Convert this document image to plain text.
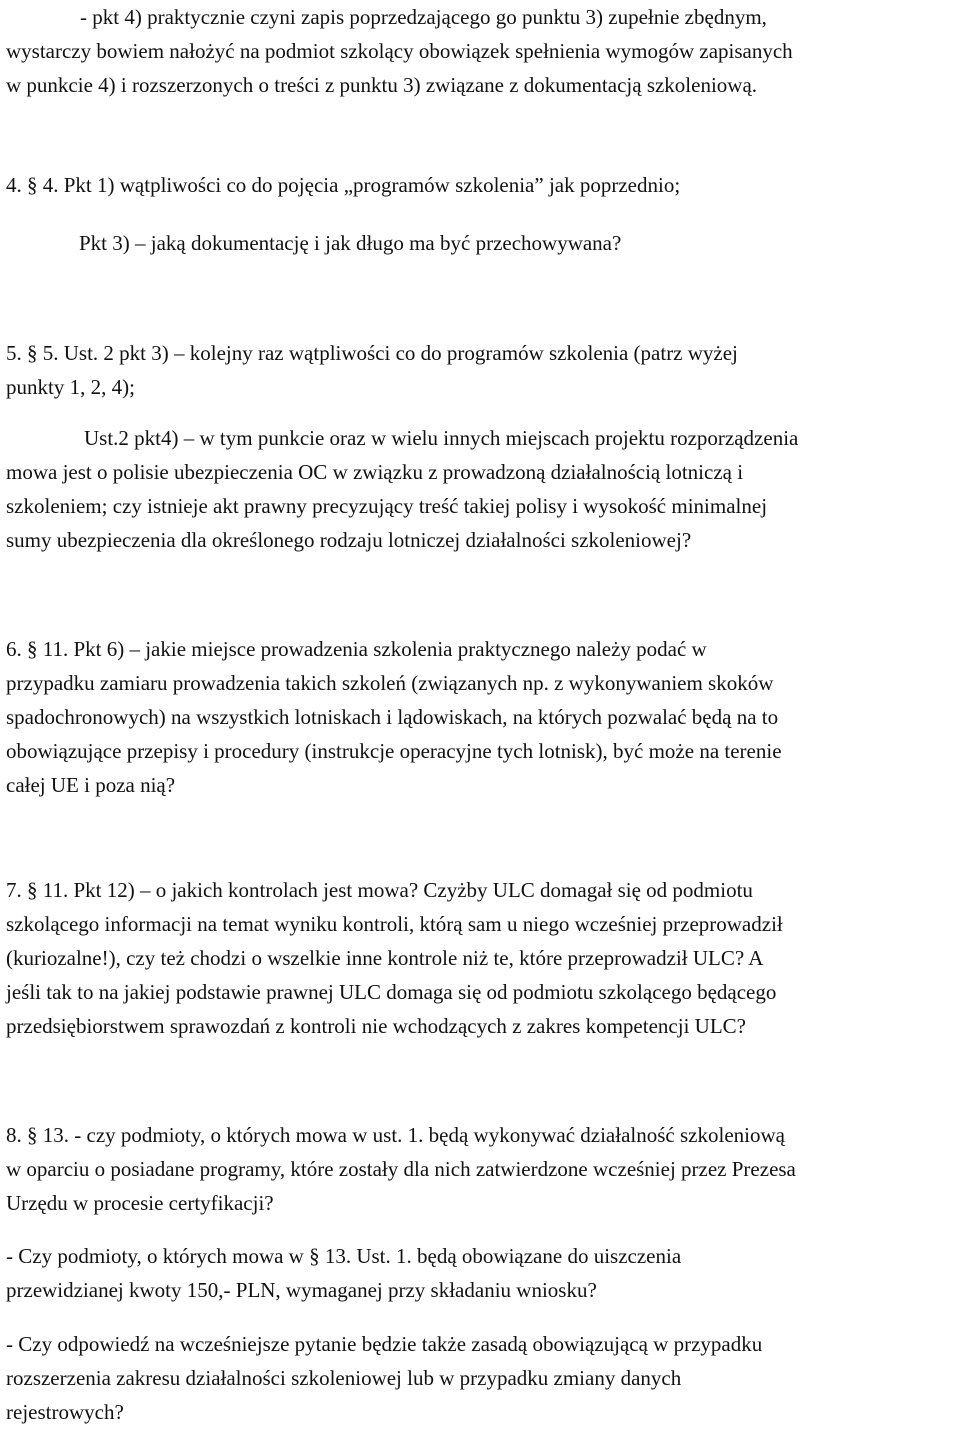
- pkt 4) praktycznie czyni zapis poprzedzającego go punktu 3) zupełnie zbędnym,
wystarczy bowiem nałożyć na podmiot szkolący obowiązek spełnienia wymogów zapisanych
w punkcie 4) i rozszerzonych o treści z punktu 3) związane z dokumentacją szkoleniową.
4. § 4. Pkt 1) wątpliwości co do pojęcia „programów szkolenia” jak poprzednio;
Pkt 3) – jaką dokumentację i jak długo ma być przechowywana?
5. § 5. Ust. 2 pkt 3) – kolejny raz wątpliwości co do programów szkolenia (patrz wyżej
punkty 1, 2, 4);
Ust.2 pkt4) – w tym punkcie oraz w wielu innych miejscach projektu rozporządzenia
mowa jest o polisie ubezpieczenia OC w związku z prowadzoną działalnością lotniczą i
szkoleniem; czy istnieje akt prawny precyzujący treść takiej polisy i wysokość minimalnej
sumy ubezpieczenia dla określonego rodzaju lotniczej działalności szkoleniowej?
6. § 11. Pkt 6) – jakie miejsce prowadzenia szkolenia praktycznego należy podać w
przypadku zamiaru prowadzenia takich szkoleń (związanych np. z wykonywaniem skoków
spadochronowych) na wszystkich lotniskach i lądowiskach, na których pozwalać będą na to
obowiązujące przepisy i procedury (instrukcje operacyjne tych lotnisk), być może na terenie
całej UE i poza nią?
7. § 11. Pkt 12) – o jakich kontrolach jest mowa? Czyżby ULC domagał się od podmiotu
szkolącego informacji na temat wyniku kontroli, którą sam u niego wcześniej przeprowadził
(kuriozalne!), czy też chodzi o wszelkie inne kontrole niż te, które przeprowadził ULC? A
jeśli tak to na jakiej podstawie prawnej ULC domaga się od podmiotu szkolącego będącego
przedsiębiorstwem sprawozdań z kontroli nie wchodzących z zakres kompetencji ULC?
8. § 13. - czy podmioty, o których mowa w ust. 1. będą wykonywać działalność szkoleniową
w oparciu o posiadane programy, które zostały dla nich zatwierdzone wcześniej przez Prezesa
Urzędu w procesie certyfikacji?
- Czy podmioty, o których mowa w § 13. Ust. 1. będą obowiązane do uiszczenia
przewidzianej kwoty 150,- PLN, wymaganej przy składaniu wniosku?
- Czy odpowiedź na wcześniejsze pytanie będzie także zasadą obowiązującą w przypadku
rozszerzenia zakresu działalności szkoleniowej lub w przypadku zmiany danych
rejestrowych?
